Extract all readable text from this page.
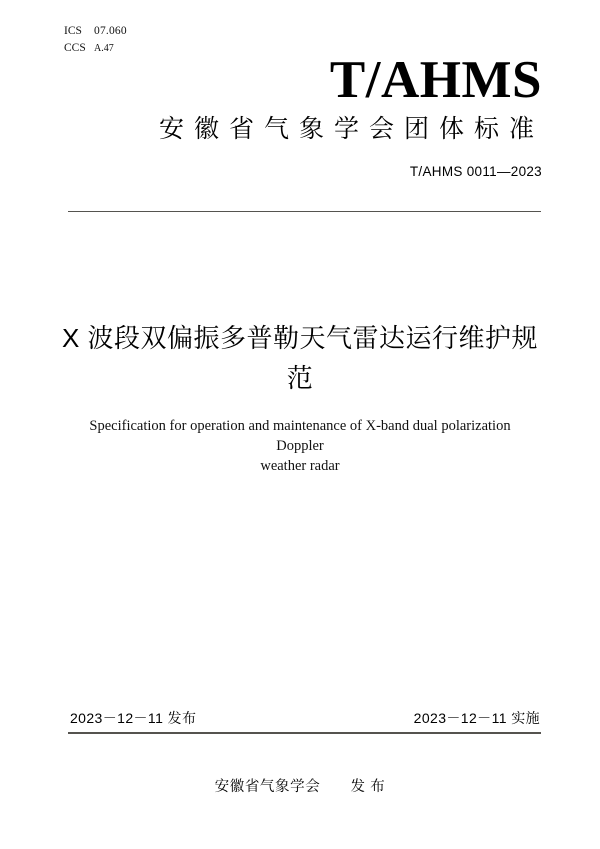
ICS	07.060
CCS A.47
T/AHMS
安徽省气象学会团体标准
T/AHMS 0011—2023
X 波段双偏振多普勒天气雷达运行维护规
范
Specification for operation and maintenance of X-band dual polarization Doppler
weather radar
2023－12－11 发布	2023－12－11 实施
安徽省气象学会　　发 布
